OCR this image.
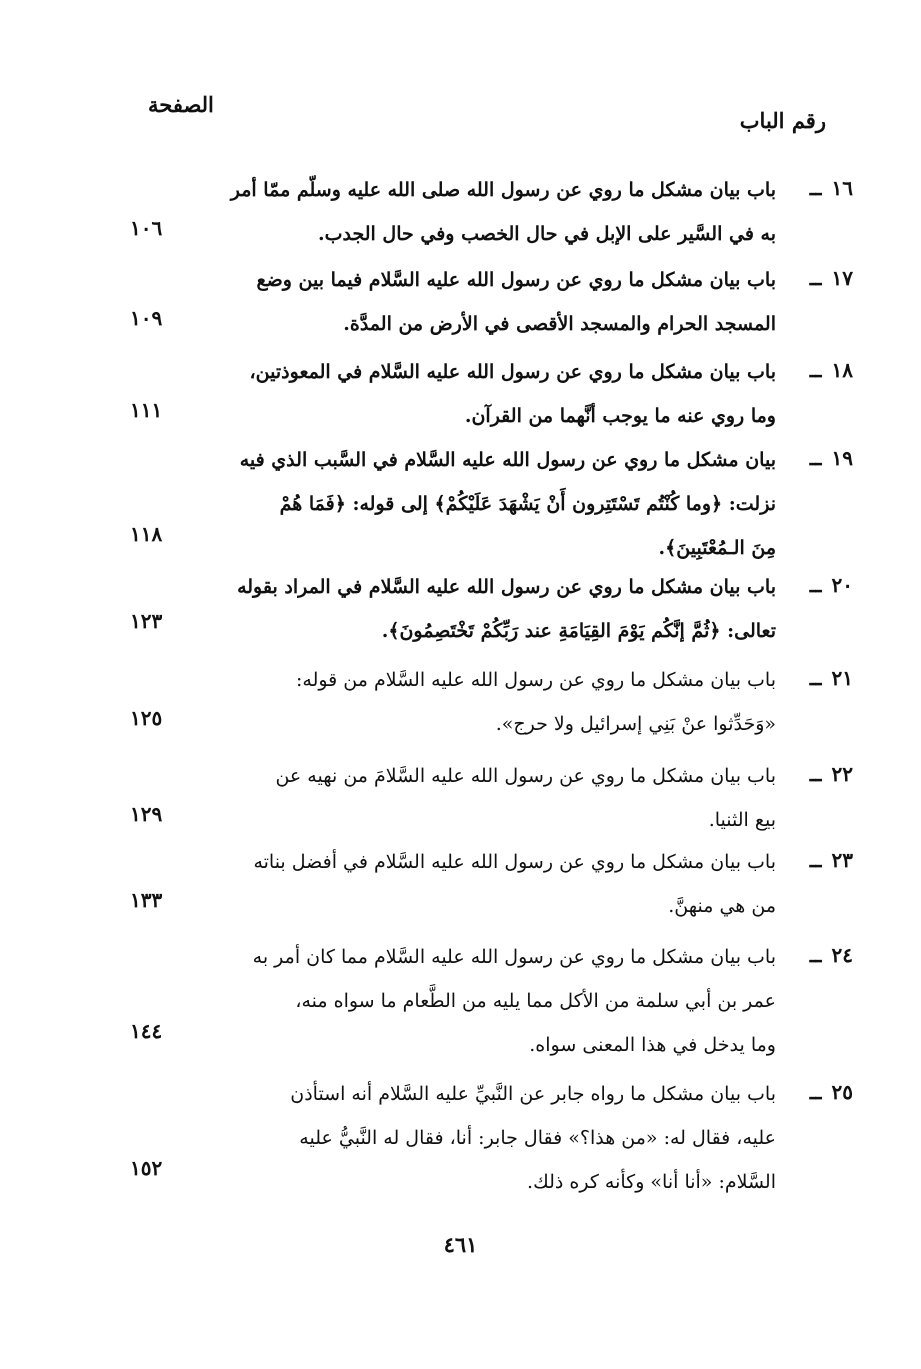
رقم الباب
الصفحة
١٦ــ
باب بيان مشكل ما روي عن رسول الله صلى الله عليه وسلّم ممّا أمر
به في السَّير على الإبل في حال الخصب وفي حال الجدب.
١٠٦
١٧ــ
باب بيان مشكل ما روي عن رسول الله عليه السَّلام فيما بين وضع
المسجد الحرام والمسجد الأقصى في الأرض من المدَّة.
١٠٩
١٨ــ
باب بيان مشكل ما روي عن رسول الله عليه السَّلام في المعوذتين،
وما روي عنه ما يوجب أنَّهما من القرآن.
١١١
١٩ــ
بيان مشكل ما روي عن رسول الله عليه السَّلام في السَّبب الذي فيه
نزلت: ﴿وما كُنْتُم تَسْتَتِرون أَنْ يَشْهَدَ عَلَيْكُمْ﴾ إلى قوله: ﴿فَمَا هُمْ
مِنَ الـمُعْتَبِينَ﴾.
١١٨
٢٠ــ
باب بيان مشكل ما روي عن رسول الله عليه السَّلام في المراد بقوله
تعالى: ﴿ثُمَّ إنَّكُم يَوْمَ القِيَامَةِ عند رَبِّكُمْ تَخْتَصِمُونَ﴾.
١٢٣
٢١ــ
باب بيان مشكل ما روي عن رسول الله عليه السَّلام من قوله:
«وَحَدِّثوا عنْ بَنِي إسرائيل ولا حرج».
١٢٥
٢٢ــ
باب بيان مشكل ما روي عن رسول الله عليه السَّلامَ من نهيه عن
بيع الثنيا.
١٢٩
٢٣ــ
باب بيان مشكل ما روي عن رسول الله عليه السَّلام في أفضل بناته
من هي منهنَّ.
١٣٣
٢٤ــ
باب بيان مشكل ما روي عن رسول الله عليه السَّلام مما كان أمر به
عمر بن أبي سلمة من الأكل مما يليه من الطَّعام ما سواه منه،
وما يدخل في هذا المعنى سواه.
١٤٤
٢٥ــ
باب بيان مشكل ما رواه جابر عن النَّبيِّ عليه السَّلام أنه استأذن
عليه، فقال له: «من هذا؟» فقال جابر: أنا، فقال له النَّبيُّ عليه
السَّلام: «أنا أنا» وكأنه كره ذلك.
١٥٢
٤٦١
